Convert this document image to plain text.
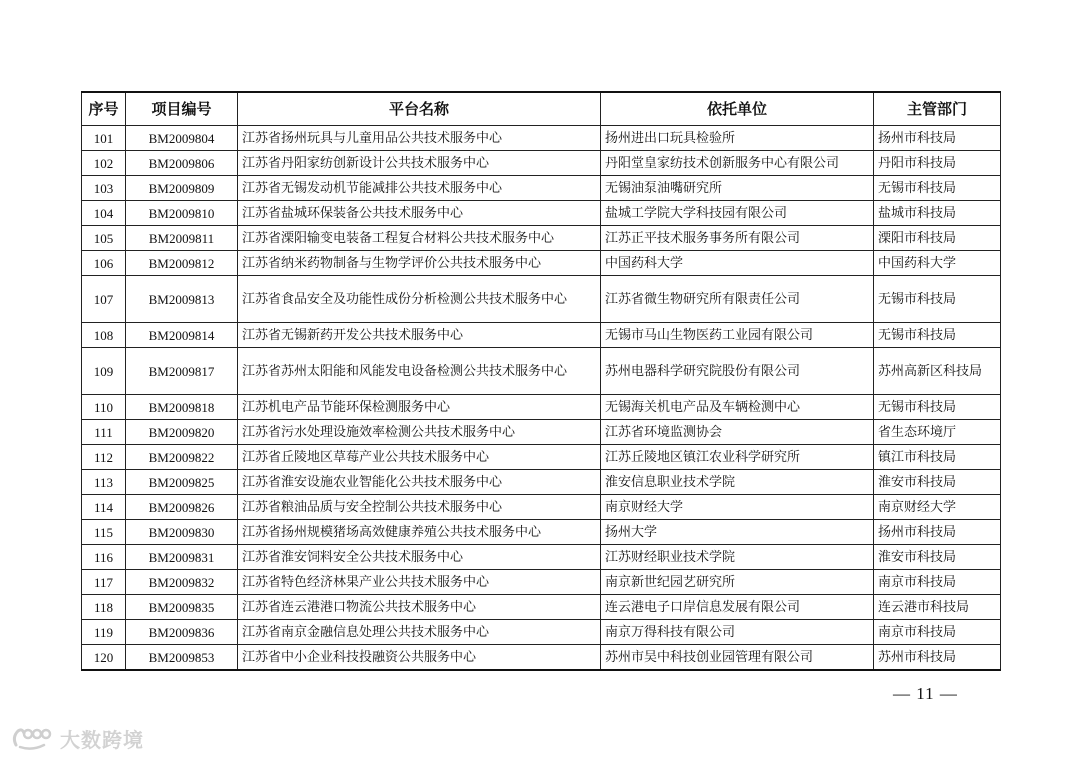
序号	项目编号	平台名称	依托单位	主管部门
101	BM2009804	江苏省扬州玩具与儿童用品公共技术服务中心	扬州进出口玩具检验所	扬州市科技局
102	BM2009806	江苏省丹阳家纺创新设计公共技术服务中心	丹阳堂皇家纺技术创新服务中心有限公司	丹阳市科技局
103	BM2009809	江苏省无锡发动机节能减排公共技术服务中心	无锡油泵油嘴研究所	无锡市科技局
104	BM2009810	江苏省盐城环保装备公共技术服务中心	盐城工学院大学科技园有限公司	盐城市科技局
105	BM2009811	江苏省溧阳输变电装备工程复合材料公共技术服务中心	江苏正平技术服务事务所有限公司	溧阳市科技局
106	BM2009812	江苏省纳米药物制备与生物学评价公共技术服务中心	中国药科大学	中国药科大学
107	BM2009813	江苏省食品安全及功能性成份分析检测公共技术服务中心	江苏省微生物研究所有限责任公司	无锡市科技局
108	BM2009814	江苏省无锡新药开发公共技术服务中心	无锡市马山生物医药工业园有限公司	无锡市科技局
109	BM2009817	江苏省苏州太阳能和风能发电设备检测公共技术服务中心	苏州电器科学研究院股份有限公司	苏州高新区科技局
110	BM2009818	江苏机电产品节能环保检测服务中心	无锡海关机电产品及车辆检测中心	无锡市科技局
111	BM2009820	江苏省污水处理设施效率检测公共技术服务中心	江苏省环境监测协会	省生态环境厅
112	BM2009822	江苏省丘陵地区草莓产业公共技术服务中心	江苏丘陵地区镇江农业科学研究所	镇江市科技局
113	BM2009825	江苏省淮安设施农业智能化公共技术服务中心	淮安信息职业技术学院	淮安市科技局
114	BM2009826	江苏省粮油品质与安全控制公共技术服务中心	南京财经大学	南京财经大学
115	BM2009830	江苏省扬州规模猪场高效健康养殖公共技术服务中心	扬州大学	扬州市科技局
116	BM2009831	江苏省淮安饲料安全公共技术服务中心	江苏财经职业技术学院	淮安市科技局
117	BM2009832	江苏省特色经济林果产业公共技术服务中心	南京新世纪园艺研究所	南京市科技局
118	BM2009835	江苏省连云港港口物流公共技术服务中心	连云港电子口岸信息发展有限公司	连云港市科技局
119	BM2009836	江苏省南京金融信息处理公共技术服务中心	南京万得科技有限公司	南京市科技局
120	BM2009853	江苏省中小企业科技投融资公共服务中心	苏州市吴中科技创业园管理有限公司	苏州市科技局
— 11 —
大数跨境
